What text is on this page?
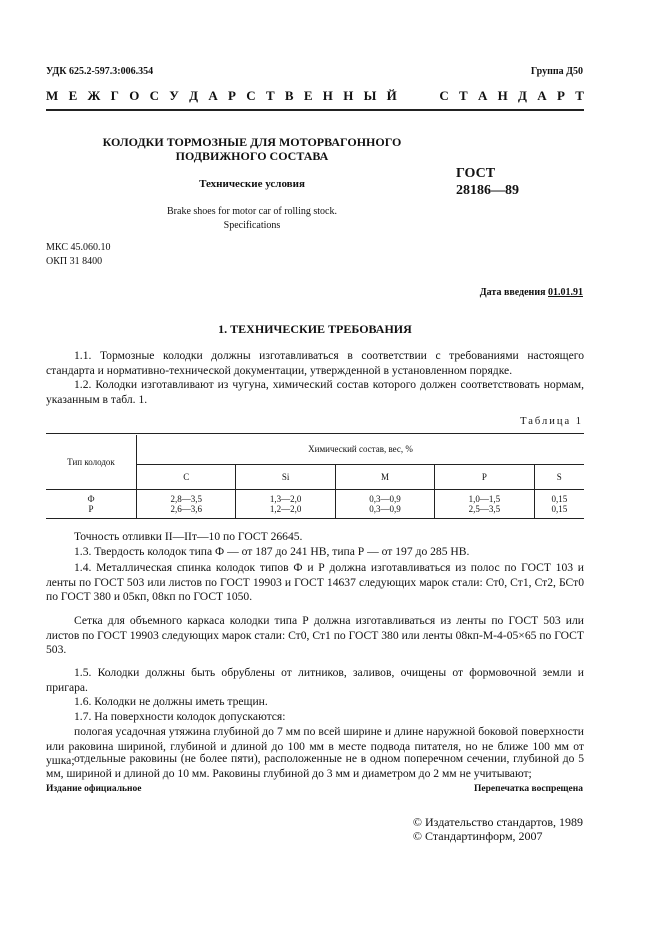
УДК 625.2-597.3:006.354	Группа Д50
М Е Ж Г О С У Д А Р С Т В Е Н Н Ы Й	С Т А Н Д А Р Т
КОЛОДКИ ТОРМОЗНЫЕ ДЛЯ МОТОРВАГОННОГО
ПОДВИЖНОГО СОСТАВА
Технические условия
Brake shoes for motor car of rolling stock.
Specifications
ГОСТ
28186—89
МКС 45.060.10
ОКП 31 8400
Дата введения 01.01.91
1. ТЕХНИЧЕСКИЕ ТРЕБОВАНИЯ
1.1. Тормозные колодки должны изготавливаться в соответствии с требованиями настоящего стандарта и нормативно-технической документации, утвержденной в установленном порядке.
1.2. Колодки изготавливают из чугуна, химический состав которого должен соответствовать нормам, указанным в табл. 1.
Таблица 1

Тип колодок	Химический состав, вес, %				
	C	Si	M	P	S
Ф	2,8—3,5	1,3—2,0	0,3—0,9	1,0—1,5	0,15
Р	2,6—3,6	1,2—2,0	0,3—0,9	2,5—3,5	0,15
Точность отливки II—IIт—10 по ГОСТ 26645.
1.3. Твердость колодок типа Ф — от 187 до 241 НВ, типа Р — от 197 до 285 НВ.
1.4. Металлическая спинка колодок типов Ф и Р должна изготавливаться из полос по ГОСТ 103 и ленты по ГОСТ 503 или листов по ГОСТ 19903 и ГОСТ 14637 следующих марок стали: Ст0, Ст1, Ст2, БСт0 по ГОСТ 380 и 05кп, 08кп по ГОСТ 1050.
Сетка для объемного каркаса колодки типа Р должна изготавливаться из ленты по ГОСТ 503 или листов по ГОСТ 19903 следующих марок стали: Ст0, Ст1 по ГОСТ 380 или ленты 08кп-М-4-05×65 по ГОСТ 503.
1.5. Колодки должны быть обрублены от литников, заливов, очищены от формовочной земли и пригара.
1.6. Колодки не должны иметь трещин.
1.7. На поверхности колодок допускаются:
пологая усадочная утяжина глубиной до 7 мм по всей ширине и длине наружной боковой поверхности или раковина шириной, глубиной и длиной до 100 мм в месте подвода питателя, но не ближе 100 мм от ушка;
Издание официальное	Перепечатка воспрещена
© Издательство стандартов, 1989
© Стандартинформ, 2007
отдельные раковины (не более пяти), расположенные не в одном поперечном сечении, глубиной до 5 мм, шириной и длиной до 10 мм. Раковины глубиной до 3 мм и диаметром до 2 мм не учитывают;
